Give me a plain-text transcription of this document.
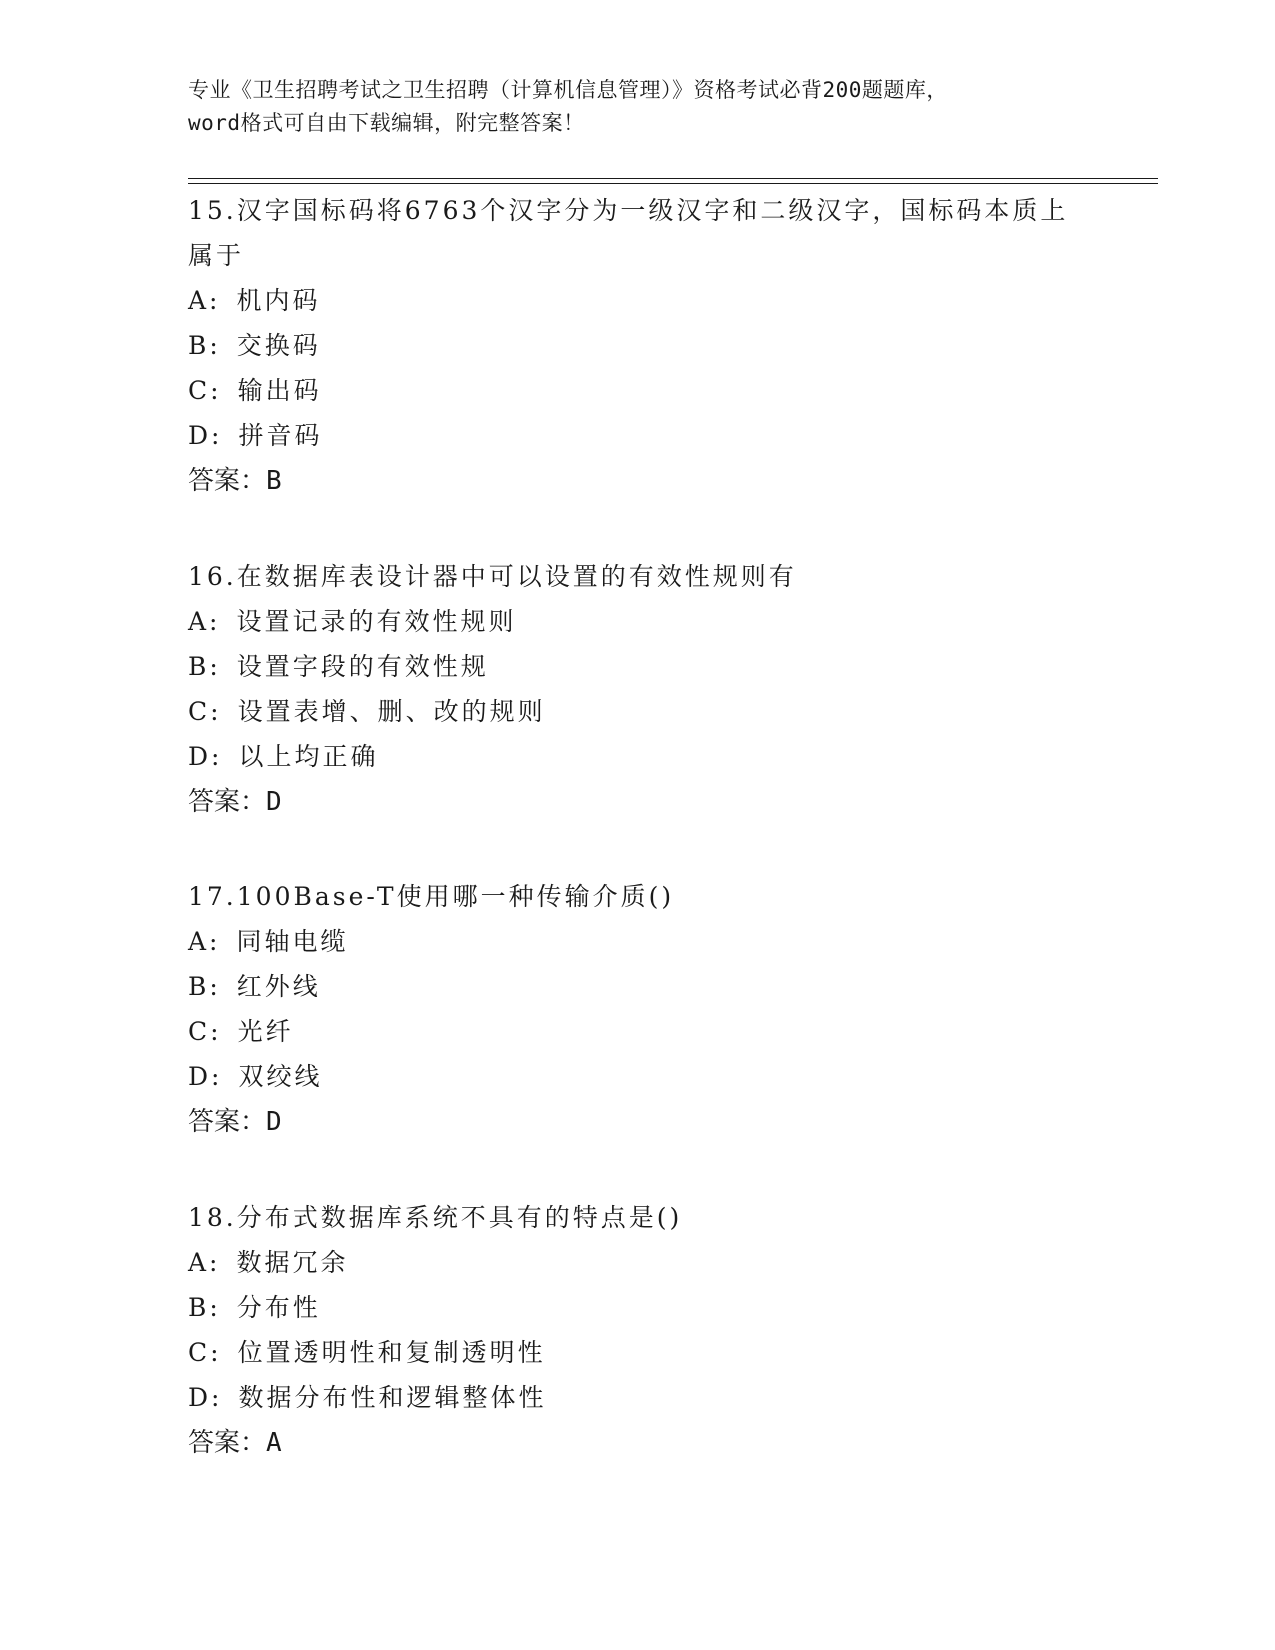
专业《卫生招聘考试之卫生招聘（计算机信息管理）》资格考试必背200题题库，
word格式可自由下载编辑，附完整答案！

15.汉字国标码将6763个汉字分为一级汉字和二级汉字，国标码本质上属于

A: 机内码

B: 交换码

C: 输出码

D: 拼音码

答案：B

16.在数据库表设计器中可以设置的有效性规则有

A: 设置记录的有效性规则

B: 设置字段的有效性规

C: 设置表增、删、改的规则

D: 以上均正确

答案：D

17.100Base-T使用哪一种传输介质()

A: 同轴电缆

B: 红外线

C: 光纤

D: 双绞线

答案：D

18.分布式数据库系统不具有的特点是()

A: 数据冗余

B: 分布性

C: 位置透明性和复制透明性

D: 数据分布性和逻辑整体性

答案：A
